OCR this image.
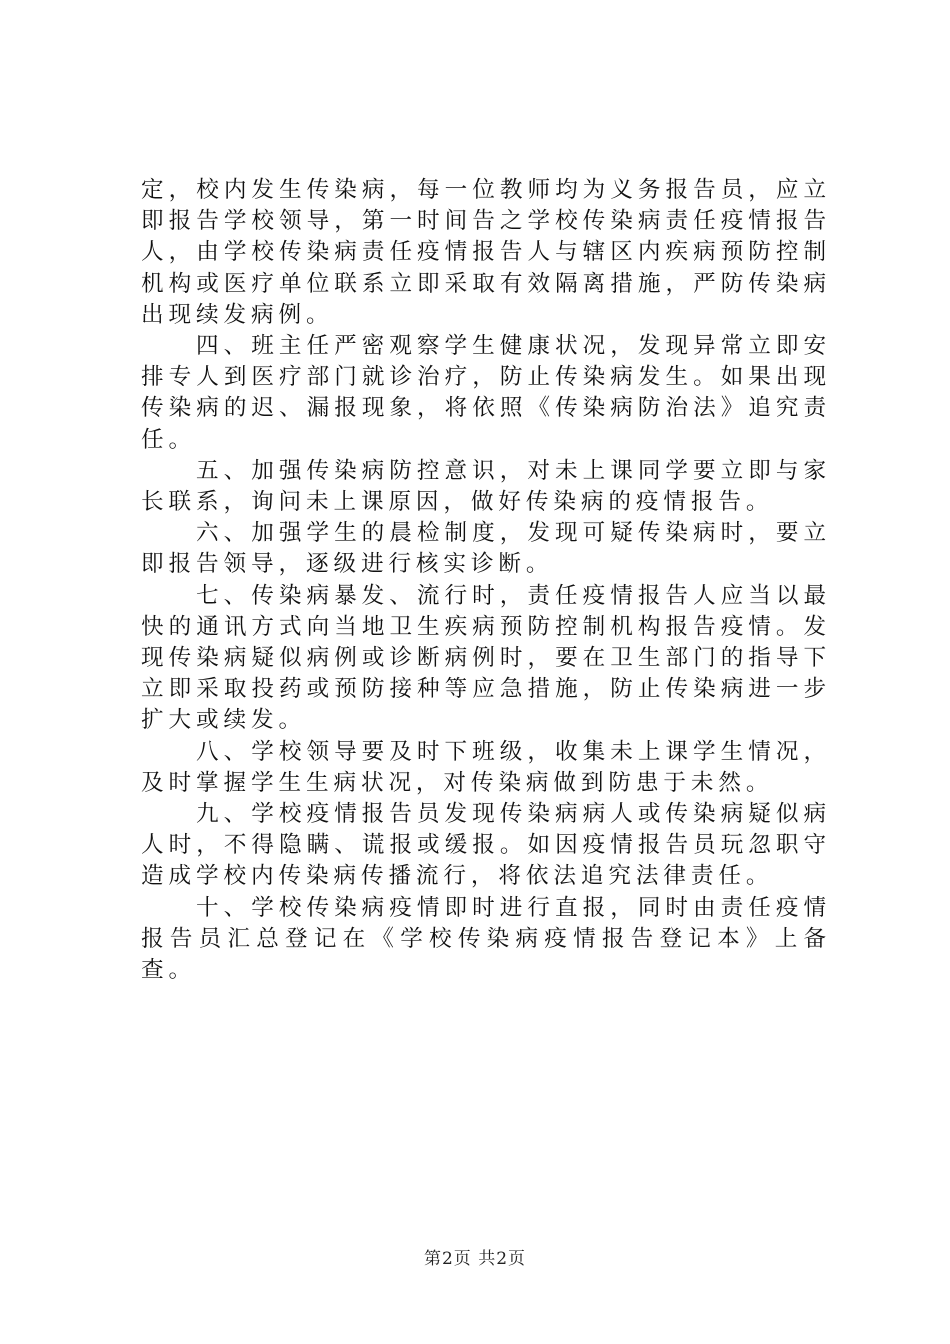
定，校内发生传染病，每一位教师均为义务报告员，应立即报告学校领导，第一时间告之学校传染病责任疫情报告人，由学校传染病责任疫情报告人与辖区内疾病预防控制机构或医疗单位联系立即采取有效隔离措施，严防传染病出现续发病例。

四、班主任严密观察学生健康状况，发现异常立即安排专人到医疗部门就诊治疗，防止传染病发生。如果出现传染病的迟、漏报现象，将依照《传染病防治法》追究责任。

五、加强传染病防控意识，对未上课同学要立即与家长联系，询问未上课原因，做好传染病的疫情报告。

六、加强学生的晨检制度，发现可疑传染病时，要立即报告领导，逐级进行核实诊断。

七、传染病暴发、流行时，责任疫情报告人应当以最快的通讯方式向当地卫生疾病预防控制机构报告疫情。发现传染病疑似病例或诊断病例时，要在卫生部门的指导下立即采取投药或预防接种等应急措施，防止传染病进一步扩大或续发。

八、学校领导要及时下班级，收集未上课学生情况，及时掌握学生生病状况，对传染病做到防患于未然。

九、学校疫情报告员发现传染病病人或传染病疑似病人时，不得隐瞒、谎报或缓报。如因疫情报告员玩忽职守造成学校内传染病传播流行，将依法追究法律责任。

十、学校传染病疫情即时进行直报，同时由责任疫情报告员汇总登记在《学校传染病疫情报告登记本》上备查。

第2页 共2页
